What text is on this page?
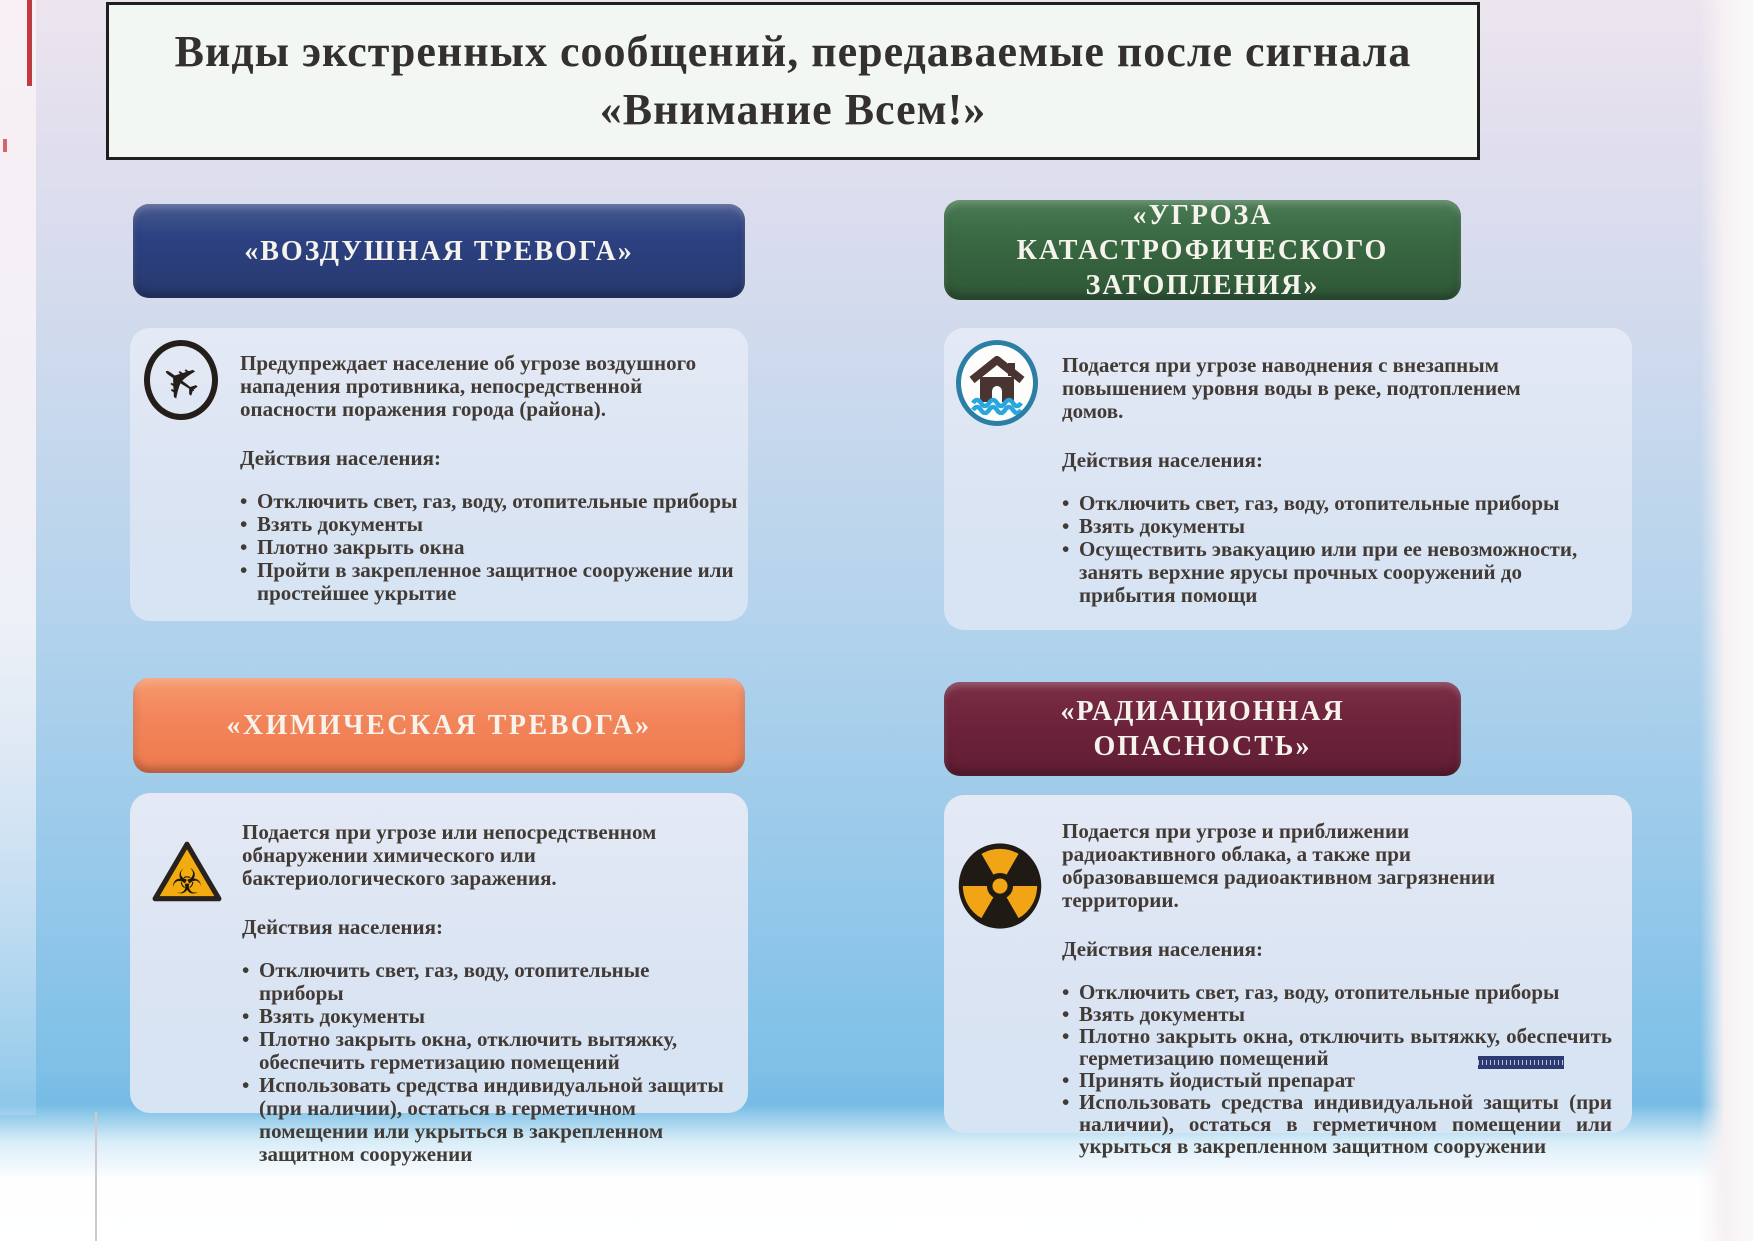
Виды экстренных сообщений, передаваемые после сигнала
«Внимание Всем!»
«ВОЗДУШНАЯ ТРЕВОГА»
«УГРОЗА КАТАСТРОФИЧЕСКОГО ЗАТОПЛЕНИЯ»
«ХИМИЧЕСКАЯ ТРЕВОГА»	«РАДИАЦИОННАЯ ОПАСНОСТЬ»
✈ Предупреждает население об угрозе воздушного нападения противника, непосредственной опасности поражения города (района).

Действия населения:

• Отключить свет, газ, воду, отопительные приборы
• Взять документы
• Плотно закрыть окна
• Пройти в закрепленное защитное сооружение или простейшее укрытие

Подается при угрозе наводнения с внезапным повышением уровня воды в реке, подтоплением домов.

Действия населения:

• Отключить свет, газ, воду, отопительные приборы
• Взять документы
• Осуществить эвакуацию или при ее невозможности, занять верхние ярусы прочных сооружений до прибытия помощи
☣

Подается при угрозе или непосредственном обнаружении химического или бактериологического заражения.

Действия населения:

• Отключить свет, газ, воду, отопительные приборы
• Взять документы
• Плотно закрыть окна, отключить вытяжку, обеспечить герметизацию помещений
• Использовать средства индивидуальной защиты (при наличии), остаться в герметичном помещении или укрыться в закрепленном защитном сооружении

Подается при угрозе и приближении радиоактивного облака, а также при образовавшемся радиоактивном загрязнении территории.

Действия населения:

• Отключить свет, газ, воду, отопительные приборы
• Взять документы
• Плотно закрыть окна, отключить вытяжку, обеспечить герметизацию помещений
• Принять йодистый препарат
• Использовать средства индивидуальной защиты (при наличии), остаться в герметичном помещении или укрыться в закрепленном защитном сооружении
